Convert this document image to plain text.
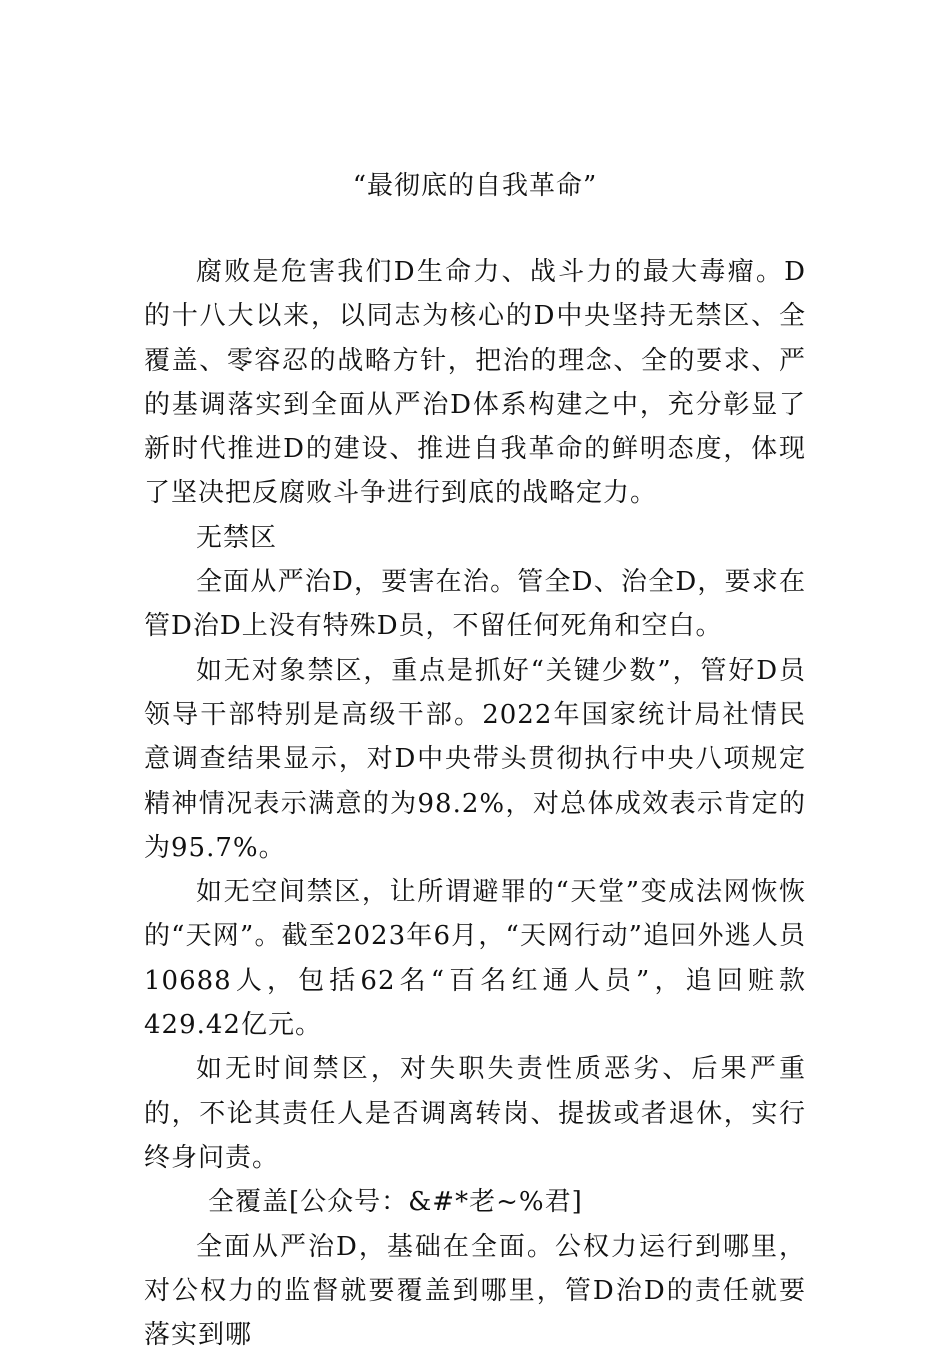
“最彻底的自我革命”

腐败是危害我们D生命力、战斗力的最大毒瘤。D的十八大以来，以同志为核心的D中央坚持无禁区、全覆盖、零容忍的战略方针，把治的理念、全的要求、严的基调落实到全面从严治D体系构建之中，充分彰显了新时代推进D的建设、推进自我革命的鲜明态度，体现了坚决把反腐败斗争进行到底的战略定力。

无禁区

全面从严治D，要害在治。管全D、治全D，要求在管D治D上没有特殊D员，不留任何死角和空白。

如无对象禁区，重点是抓好“关键少数”，管好D员领导干部特别是高级干部。2022年国家统计局社情民意调查结果显示，对D中央带头贯彻执行中央八项规定精神情况表示满意的为98.2%，对总体成效表示肯定的为95.7%。

如无空间禁区，让所谓避罪的“天堂”变成法网恢恢的“天网”。截至2023年6月，“天网行动”追回外逃人员10688人，包括62名“百名红通人员”，追回赃款429.42亿元。

如无时间禁区，对失职失责性质恶劣、后果严重的，不论其责任人是否调离转岗、提拔或者退休，实行终身问责。

全覆盖[公众号：&#*老~%君]

全面从严治D，基础在全面。公权力运行到哪里，对公权力的监督就要覆盖到哪里，管D治D的责任就要落实到哪
